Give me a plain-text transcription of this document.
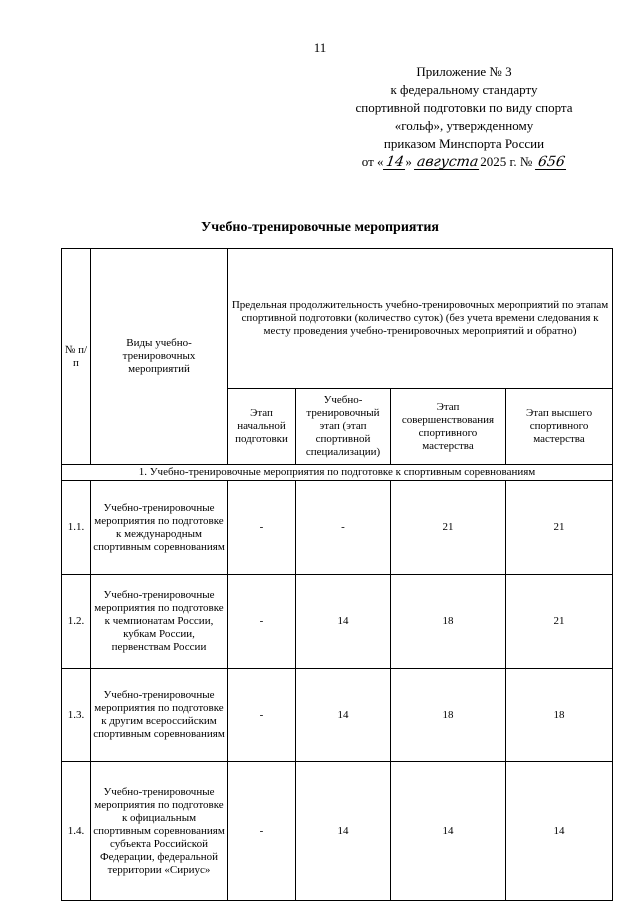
11
Приложение № 3
к федеральному стандарту
спортивной подготовки по виду спорта
«гольф», утвержденному
приказом Минспорта России
от «14» августа2025 г. № 656
Учебно-тренировочные мероприятия
№ п/п	Виды учебно-тренировочных мероприятий	Предельная продолжительность учебно-тренировочных мероприятий по этапам спортивной подготовки (количество суток) (без учета времени следования к месту проведения учебно-тренировочных мероприятий и обратно)			
		Этап начальной подготовки	Учебно-тренировочный этап (этап спортивной специализации)	Этап совершенствования спортивного мастерства	Этап высшего спортивного мастерства
1. Учебно-тренировочные мероприятия по подготовке к спортивным соревнованиям					
1.1.	Учебно-тренировочные мероприятия по подготовке к международным спортивным соревнованиям	-	-	21	21
1.2.	Учебно-тренировочные мероприятия по подготовке к чемпионатам России, кубкам России, первенствам России	-	14	18	21
1.3.	Учебно-тренировочные мероприятия по подготовке к другим всероссийским спортивным соревнованиям	-	14	18	18
1.4.	Учебно-тренировочные мероприятия по подготовке к официальным спортивным соревнованиям субъекта Российской Федерации, федеральной территории «Сириус»	-	14	14	14
